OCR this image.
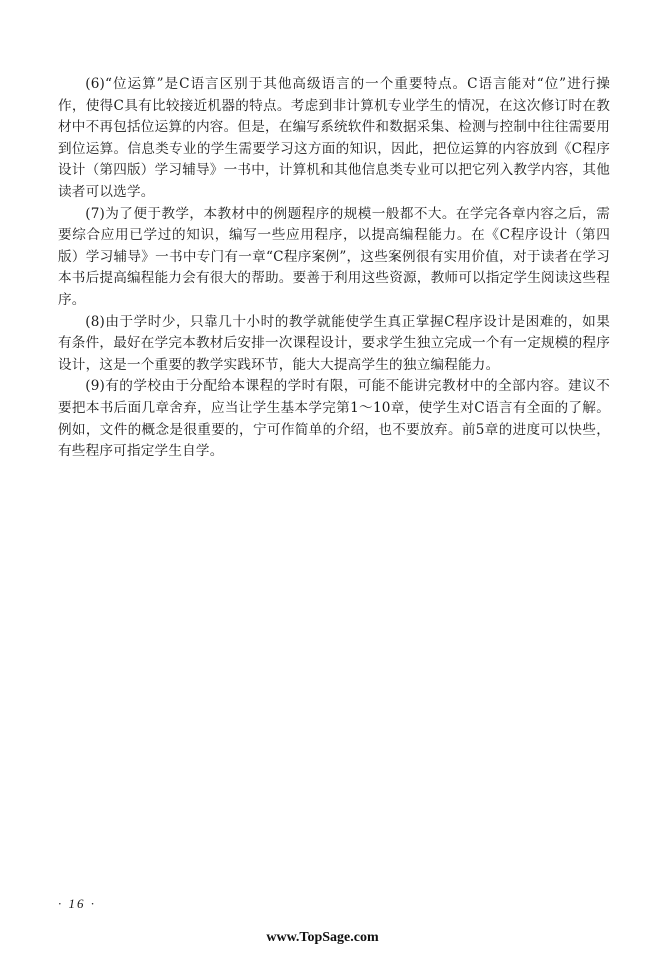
(6)“位运算”是C语言区别于其他高级语言的一个重要特点。C语言能对“位”进行操作，使得C具有比较接近机器的特点。考虑到非计算机专业学生的情况，在这次修订时在教材中不再包括位运算的内容。但是，在编写系统软件和数据采集、检测与控制中往往需要用到位运算。信息类专业的学生需要学习这方面的知识，因此，把位运算的内容放到《C程序设计（第四版）学习辅导》一书中，计算机和其他信息类专业可以把它列入教学内容，其他读者可以选学。

(7)为了便于教学，本教材中的例题程序的规模一般都不大。在学完各章内容之后，需要综合应用已学过的知识，编写一些应用程序，以提高编程能力。在《C程序设计（第四版）学习辅导》一书中专门有一章“C程序案例”，这些案例很有实用价值，对于读者在学习本书后提高编程能力会有很大的帮助。要善于利用这些资源，教师可以指定学生阅读这些程序。

(8)由于学时少，只靠几十小时的教学就能使学生真正掌握C程序设计是困难的，如果有条件，最好在学完本教材后安排一次课程设计，要求学生独立完成一个有一定规模的程序设计，这是一个重要的教学实践环节，能大大提高学生的独立编程能力。

(9)有的学校由于分配给本课程的学时有限，可能不能讲完教材中的全部内容。建议不要把本书后面几章舍弃，应当让学生基本学完第1～10章，使学生对C语言有全面的了解。例如，文件的概念是很重要的，宁可作简单的介绍，也不要放弃。前5章的进度可以快些，有些程序可指定学生自学。

· 16 ·
www.TopSage.com
